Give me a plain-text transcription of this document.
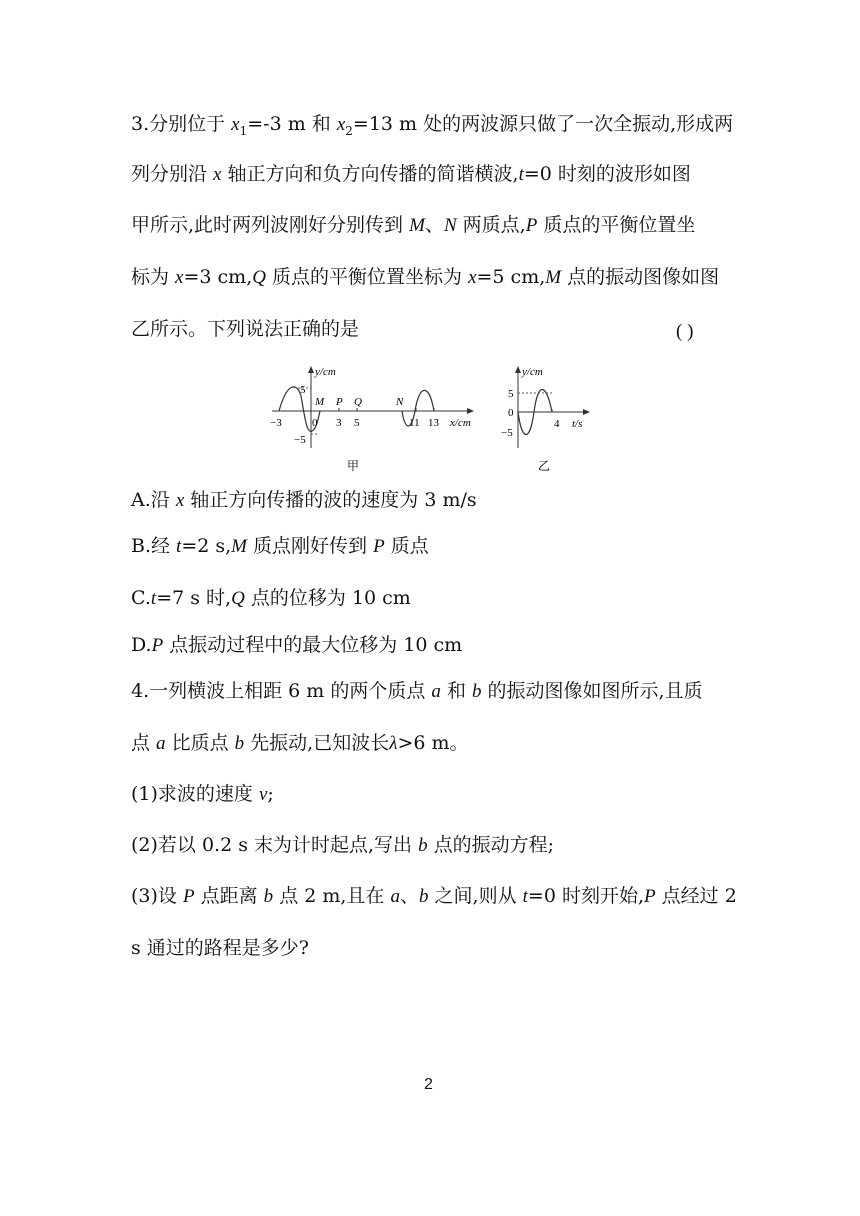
3.分别位于 $x_1=-3$ m 和 $x_2=13$ m 处的两波源只做了一次全振动,形成两
列分别沿 x 轴正方向和负方向传播的简谐横波,t=0 时刻的波形如图
甲所示,此时两列波刚好分别传到 M、N 两质点,P 质点的平衡位置坐
标为 x=3 cm,Q 质点的平衡位置坐标为 x=5 cm,M 点的振动图像如图
乙所示。下列说法正确的是	( )
y/cm
5
−5
M P Q	N
−3	0 3 5	11 13 x/cm
甲
y/cm
5
0
−5
4 t/s
乙
A.沿 x 轴正方向传播的波的速度为 3 m/s
B.经 t=2 s,M 质点刚好传到 P 质点
C.t=7 s 时,Q 点的位移为 10 cm
D.P 点振动过程中的最大位移为 10 cm
4.一列横波上相距 6 m 的两个质点 a 和 b 的振动图像如图所示,且质
点 a 比质点 b 先振动,已知波长λ>6 m。
(1)求波的速度 v;
(2)若以 0.2 s 末为计时起点,写出 b 点的振动方程;
(3)设 P 点距离 b 点 2 m,且在 a、b 之间,则从 t=0 时刻开始,P 点经过 2
s 通过的路程是多少?
2
